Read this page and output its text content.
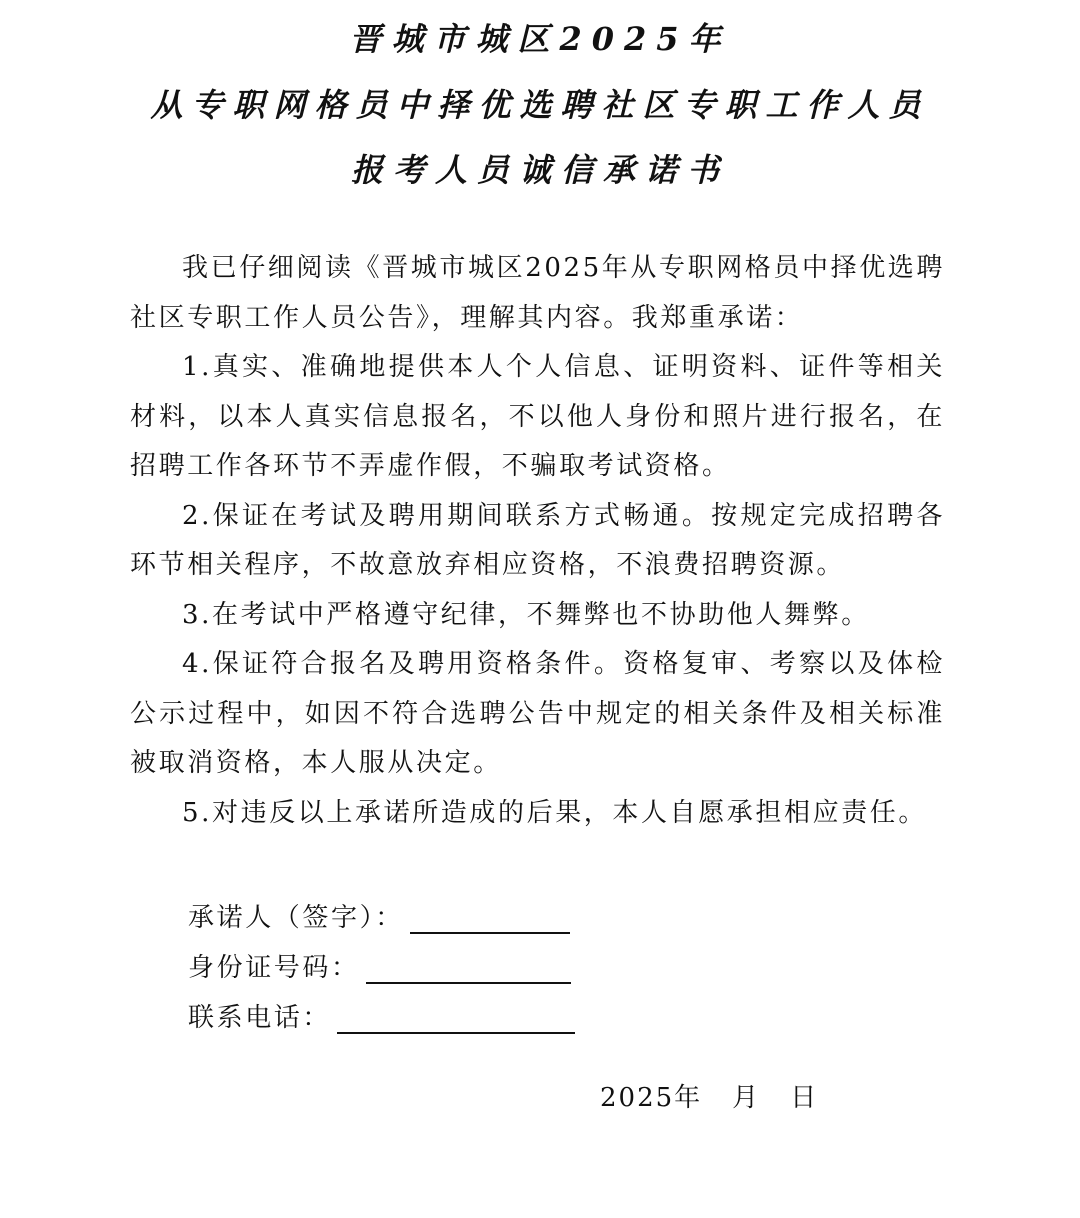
晋城市城区2025年
从专职网格员中择优选聘社区专职工作人员
报考人员诚信承诺书

我已仔细阅读《晋城市城区2025年从专职网格员中择优选聘社区专职工作人员公告》，理解其内容。我郑重承诺：

1.真实、准确地提供本人个人信息、证明资料、证件等相关材料，以本人真实信息报名，不以他人身份和照片进行报名，在招聘工作各环节不弄虚作假，不骗取考试资格。

2.保证在考试及聘用期间联系方式畅通。按规定完成招聘各环节相关程序，不故意放弃相应资格，不浪费招聘资源。

3.在考试中严格遵守纪律，不舞弊也不协助他人舞弊。

4.保证符合报名及聘用资格条件。资格复审、考察以及体检公示过程中，如因不符合选聘公告中规定的相关条件及相关标准被取消资格，本人服从决定。

5.对违反以上承诺所造成的后果，本人自愿承担相应责任。

承诺人（签字）：
身份证号码：
联系电话：
2025年 月 日
